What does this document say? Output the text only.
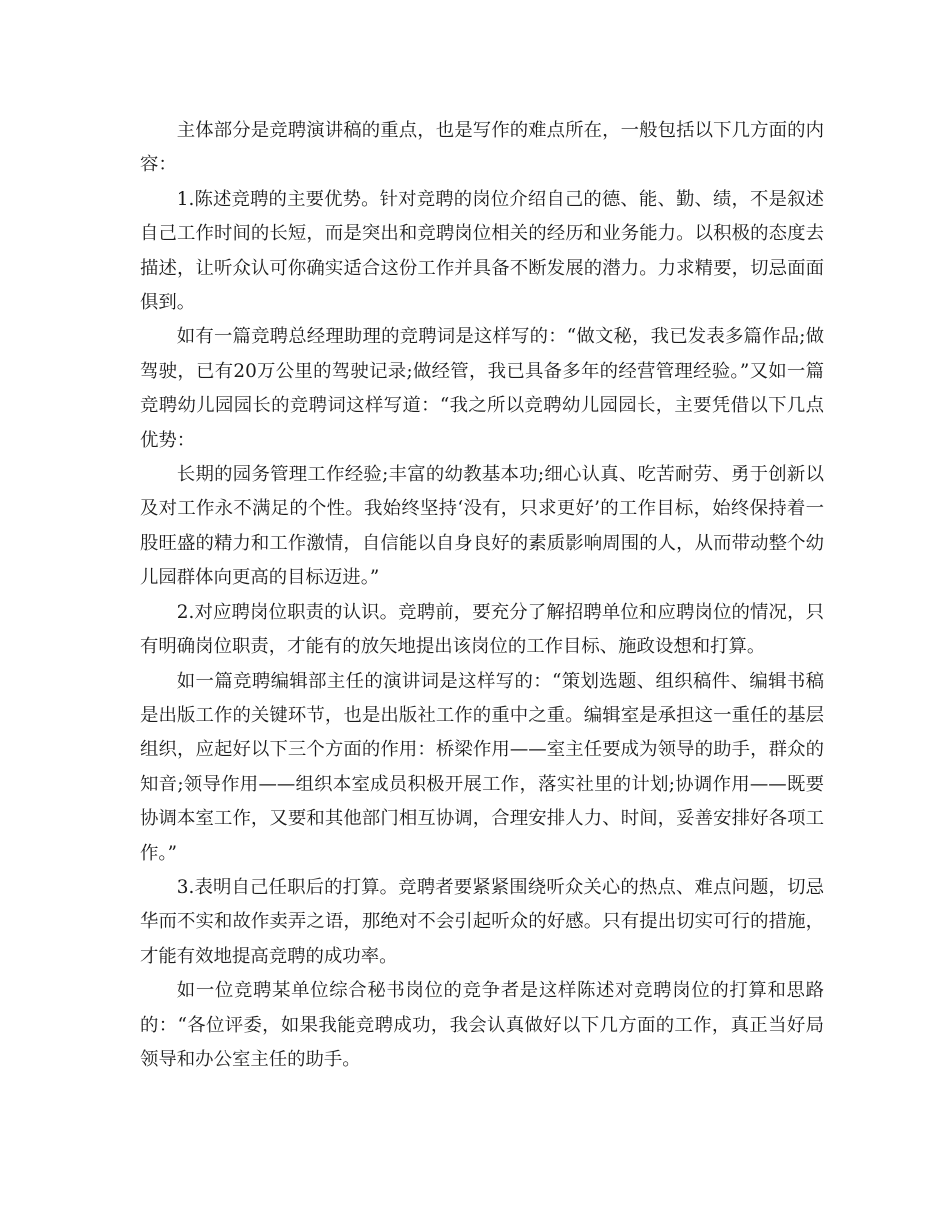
主体部分是竞聘演讲稿的重点，也是写作的难点所在，一般包括以下几方面的内容：

1.陈述竞聘的主要优势。针对竞聘的岗位介绍自己的德、能、勤、绩，不是叙述自己工作时间的长短，而是突出和竞聘岗位相关的经历和业务能力。以积极的态度去描述，让听众认可你确实适合这份工作并具备不断发展的潜力。力求精要，切忌面面俱到。

如有一篇竞聘总经理助理的竞聘词是这样写的：“做文秘，我已发表多篇作品;做驾驶，已有20万公里的驾驶记录;做经管，我已具备多年的经营管理经验。”又如一篇竞聘幼儿园园长的竞聘词这样写道：“我之所以竞聘幼儿园园长，主要凭借以下几点优势：

长期的园务管理工作经验;丰富的幼教基本功;细心认真、吃苦耐劳、勇于创新以及对工作永不满足的个性。我始终坚持‘没有，只求更好’的工作目标，始终保持着一股旺盛的精力和工作激情，自信能以自身良好的素质影响周围的人，从而带动整个幼儿园群体向更高的目标迈进。”

2.对应聘岗位职责的认识。竞聘前，要充分了解招聘单位和应聘岗位的情况，只有明确岗位职责，才能有的放矢地提出该岗位的工作目标、施政设想和打算。

如一篇竞聘编辑部主任的演讲词是这样写的：“策划选题、组织稿件、编辑书稿是出版工作的关键环节，也是出版社工作的重中之重。编辑室是承担这一重任的基层组织，应起好以下三个方面的作用：桥梁作用——室主任要成为领导的助手，群众的知音;领导作用——组织本室成员积极开展工作，落实社里的计划;协调作用——既要协调本室工作，又要和其他部门相互协调，合理安排人力、时间，妥善安排好各项工作。”

3.表明自己任职后的打算。竞聘者要紧紧围绕听众关心的热点、难点问题，切忌华而不实和故作卖弄之语，那绝对不会引起听众的好感。只有提出切实可行的措施，才能有效地提高竞聘的成功率。

如一位竞聘某单位综合秘书岗位的竞争者是这样陈述对竞聘岗位的打算和思路的：“各位评委，如果我能竞聘成功，我会认真做好以下几方面的工作，真正当好局领导和办公室主任的助手。
